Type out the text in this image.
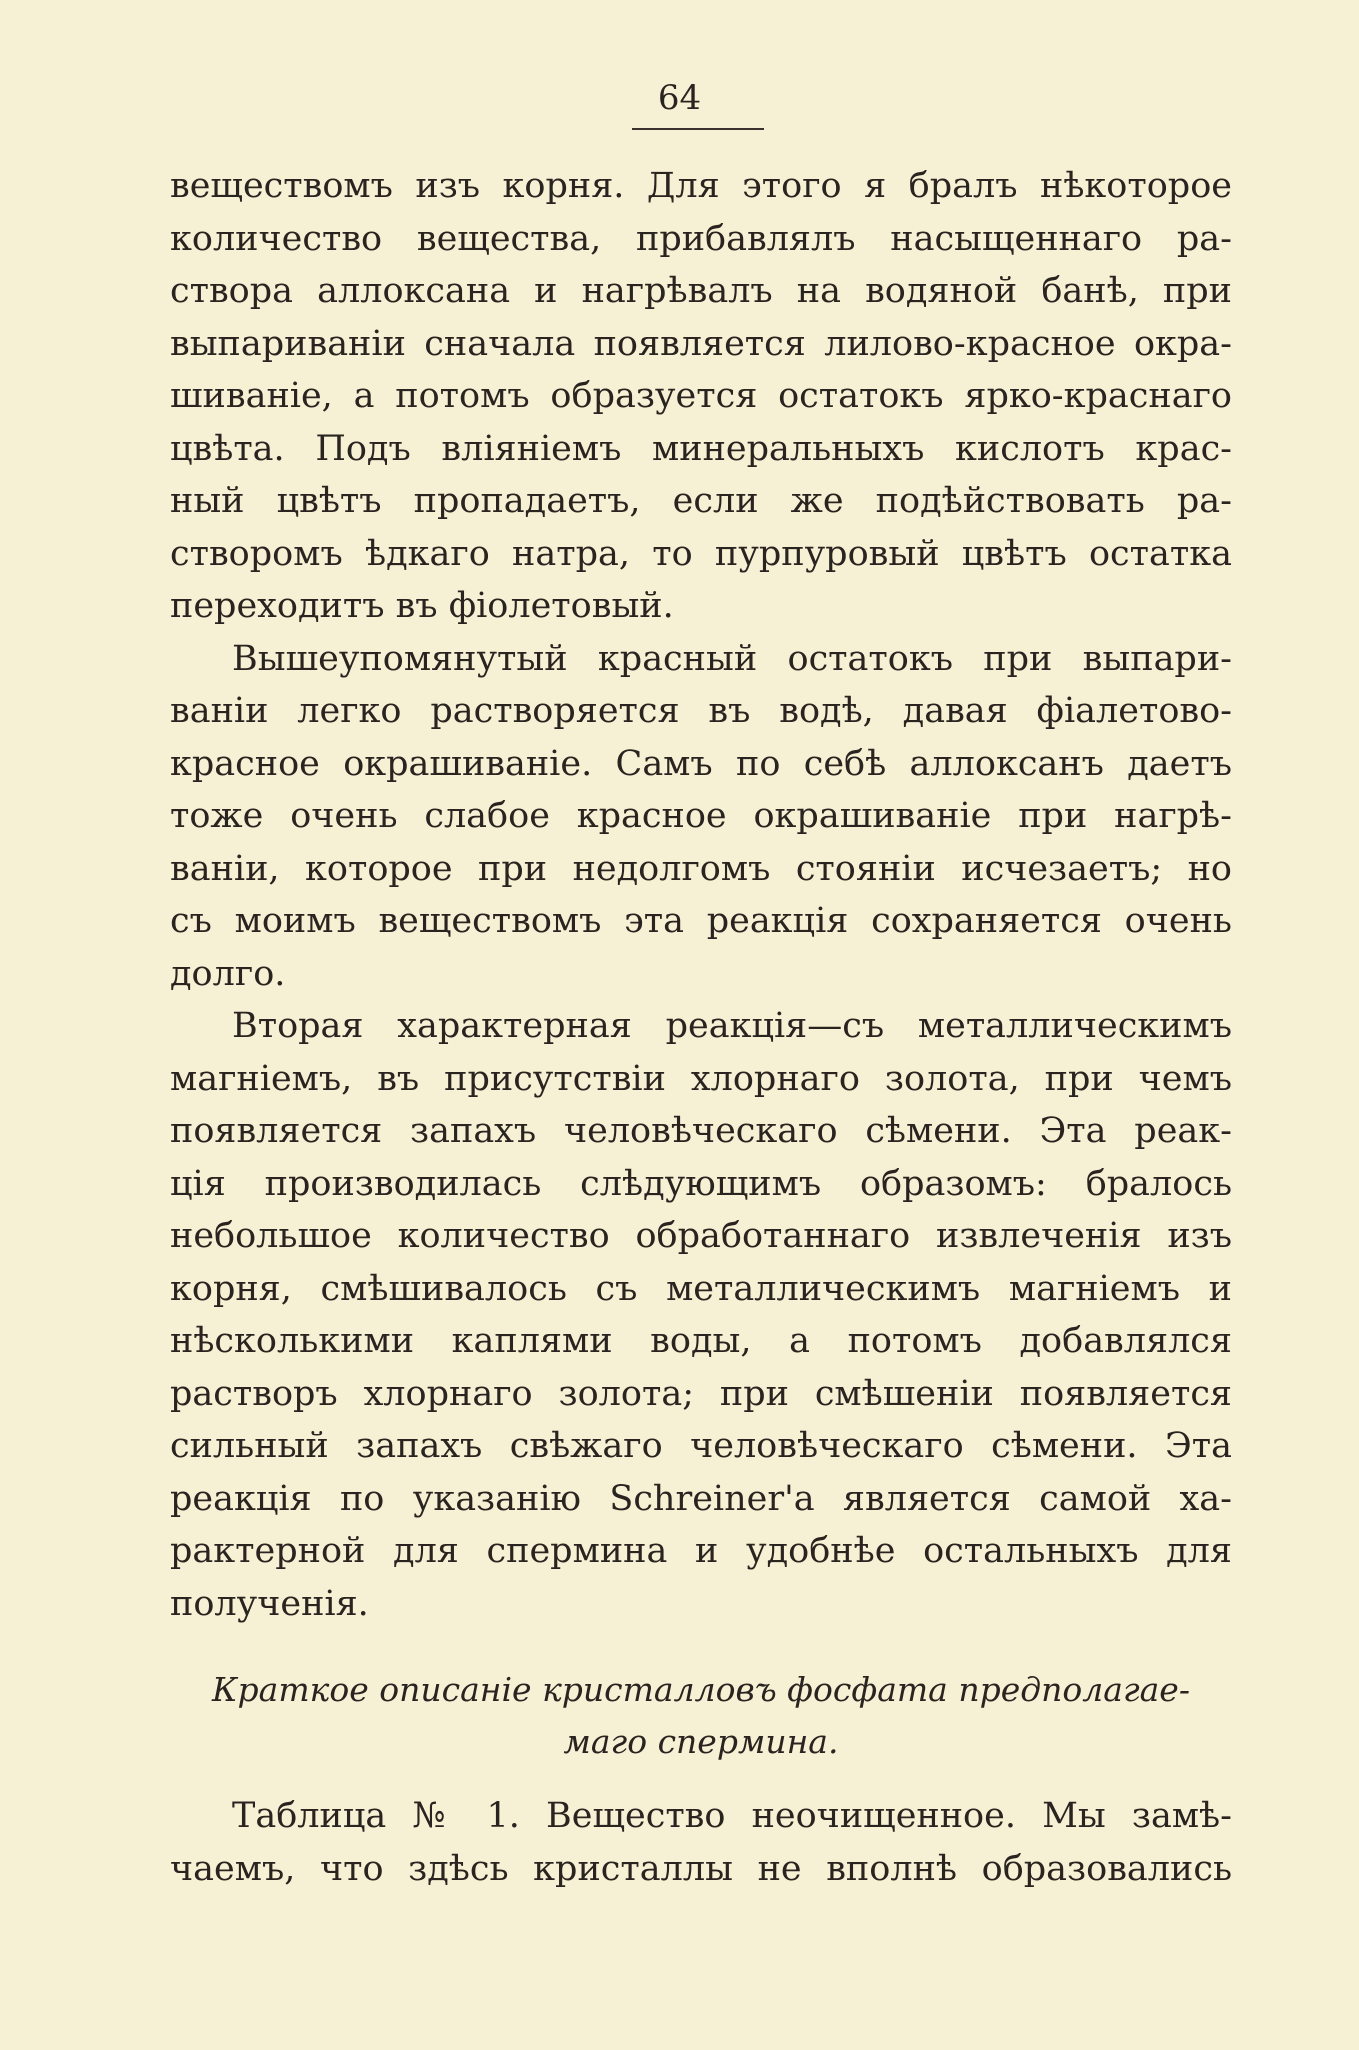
64
веществомъ изъ корня. Для этого я бралъ нѣкоторое
количество вещества, прибавлялъ насыщеннаго ра-
створа аллоксана и нагрѣвалъ на водяной банѣ, при
выпариванiи сначала появляется лилово-красное окра-
шиванiе, а потомъ образуется остатокъ ярко-краснаго
цвѣта. Подъ влiянiемъ минеральныхъ кислотъ крас-
ный цвѣтъ пропадаетъ, если же подѣйствовать ра-
створомъ ѣдкаго натра, то пурпуровый цвѣтъ остатка
переходитъ въ фiолетовый.
Вышеупомянутый красный остатокъ при выпари-
ванiи легко растворяется въ водѣ, давая фiалетово-
красное окрашиванiе. Самъ по себѣ аллоксанъ даетъ
тоже очень слабое красное окрашиванiе при нагрѣ-
ванiи, которое при недолгомъ стоянiи исчезаетъ; но
съ моимъ веществомъ эта реакцiя сохраняется очень
долго.
Вторая характерная реакцiя—съ металлическимъ
магнiемъ, въ присутствiи хлорнаго золота, при чемъ
появляется запахъ человѣческаго сѣмени. Эта реак-
цiя производилась слѣдующимъ образомъ: бралось
небольшое количество обработаннаго извлеченiя изъ
корня, смѣшивалось съ металлическимъ магнiемъ и
нѣсколькими каплями воды, а потомъ добавлялся
растворъ хлорнаго золота; при смѣшенiи появляется
сильный запахъ свѣжаго человѣческаго сѣмени. Эта
реакцiя по указанiю Schreiner'а является самой ха-
рактерной для спермина и удобнѣе остальныхъ для
полученiя.
Краткое описанiе кристалловъ фосфата предполагае-
маго спермина.
Таблица № 1. Вещество неочищенное. Мы замѣ-
чаемъ, что здѣсь кристаллы не вполнѣ образовались
